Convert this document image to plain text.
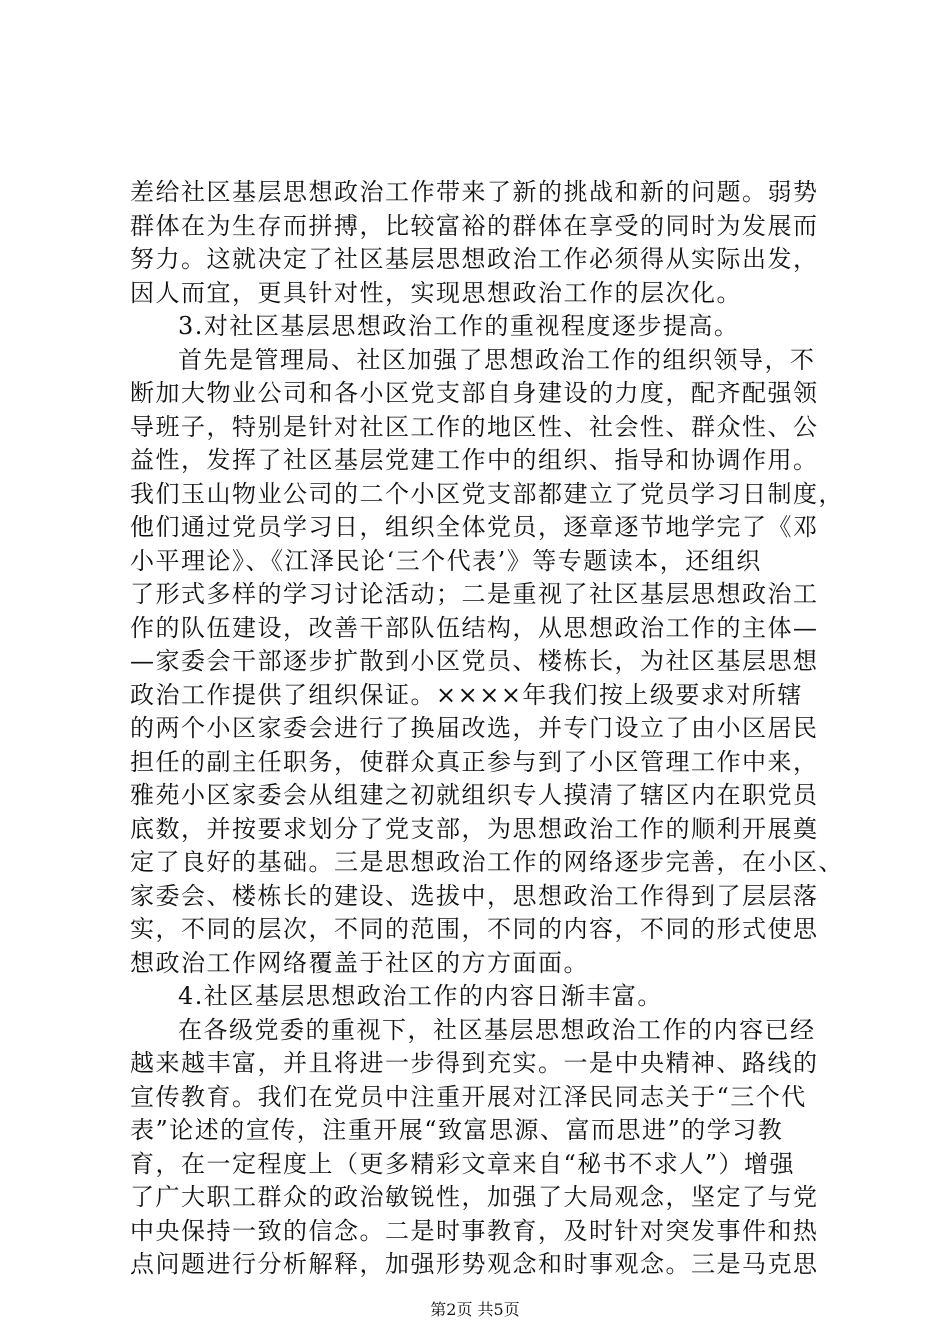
差给社区基层思想政治工作带来了新的挑战和新的问题。弱势
群体在为生存而拼搏，比较富裕的群体在享受的同时为发展而
努力。这就决定了社区基层思想政治工作必须得从实际出发，
因人而宜，更具针对性，实现思想政治工作的层次化。
3.对社区基层思想政治工作的重视程度逐步提高。
首先是管理局、社区加强了思想政治工作的组织领导，不
断加大物业公司和各小区党支部自身建设的力度，配齐配强领
导班子，特别是针对社区工作的地区性、社会性、群众性、公
益性，发挥了社区基层党建工作中的组织、指导和协调作用。
我们玉山物业公司的二个小区党支部都建立了党员学习日制度，
他们通过党员学习日，组织全体党员，逐章逐节地学完了《邓
小平理论》、《江泽民论‘三个代表’》等专题读本，还组织
了形式多样的学习讨论活动；二是重视了社区基层思想政治工
作的队伍建设，改善干部队伍结构，从思想政治工作的主体—
—家委会干部逐步扩散到小区党员、楼栋长，为社区基层思想
政治工作提供了组织保证。××××年我们按上级要求对所辖
的两个小区家委会进行了换届改选，并专门设立了由小区居民
担任的副主任职务，使群众真正参与到了小区管理工作中来，
雅苑小区家委会从组建之初就组织专人摸清了辖区内在职党员
底数，并按要求划分了党支部，为思想政治工作的顺利开展奠
定了良好的基础。三是思想政治工作的网络逐步完善，在小区、
家委会、楼栋长的建设、选拔中，思想政治工作得到了层层落
实，不同的层次，不同的范围，不同的内容，不同的形式使思
想政治工作网络覆盖于社区的方方面面。
4.社区基层思想政治工作的内容日渐丰富。
在各级党委的重视下，社区基层思想政治工作的内容已经
越来越丰富，并且将进一步得到充实。一是中央精神、路线的
宣传教育。我们在党员中注重开展对江泽民同志关于“三个代
表”论述的宣传，注重开展“致富思源、富而思进”的学习教
育，在一定程度上（更多精彩文章来自“秘书不求人”）增强
了广大职工群众的政治敏锐性，加强了大局观念，坚定了与党
中央保持一致的信念。二是时事教育，及时针对突发事件和热
点问题进行分析解释，加强形势观念和时事观念。三是马克思
第2页 共5页
